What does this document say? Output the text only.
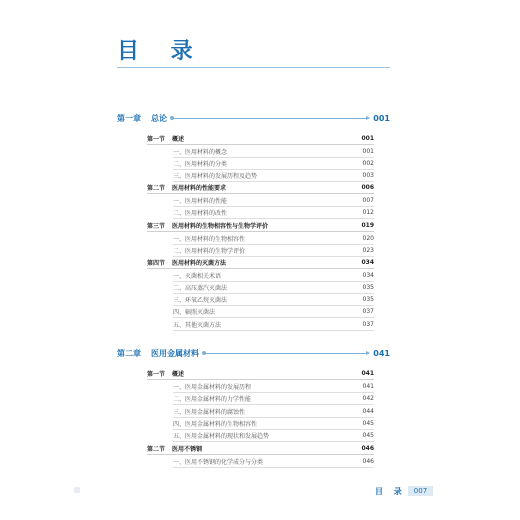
目 录
第一章	总论	001
第一节	概述	001
一、医用材料的概念	001
二、医用材料的分类	002
三、医用材料的发展历程及趋势	003
第二节	医用材料的性能要求	006
一、医用材料的性能	007
二、医用材料的改性	012
第三节	医用材料的生物相容性与生物学评价	019
一、医用材料的生物相容性	020
二、医用材料的生物学评价	023
第四节	医用材料的灭菌方法	034
一、灭菌相关术语	034
二、高压蒸汽灭菌法	035
三、环氧乙烷灭菌法	035
四、辐照灭菌法	037
五、其他灭菌方法	037
第二章	医用金属材料	041
第一节	概述	041
一、医用金属材料的发展历程	041
二、医用金属材料的力学性能	042
三、医用金属材料的腐蚀性	044
四、医用金属材料的生物相容性	045
五、医用金属材料的现状和发展趋势	045
第二节	医用不锈钢	046
一、医用不锈钢的化学成分与分类	046
目 录	007
